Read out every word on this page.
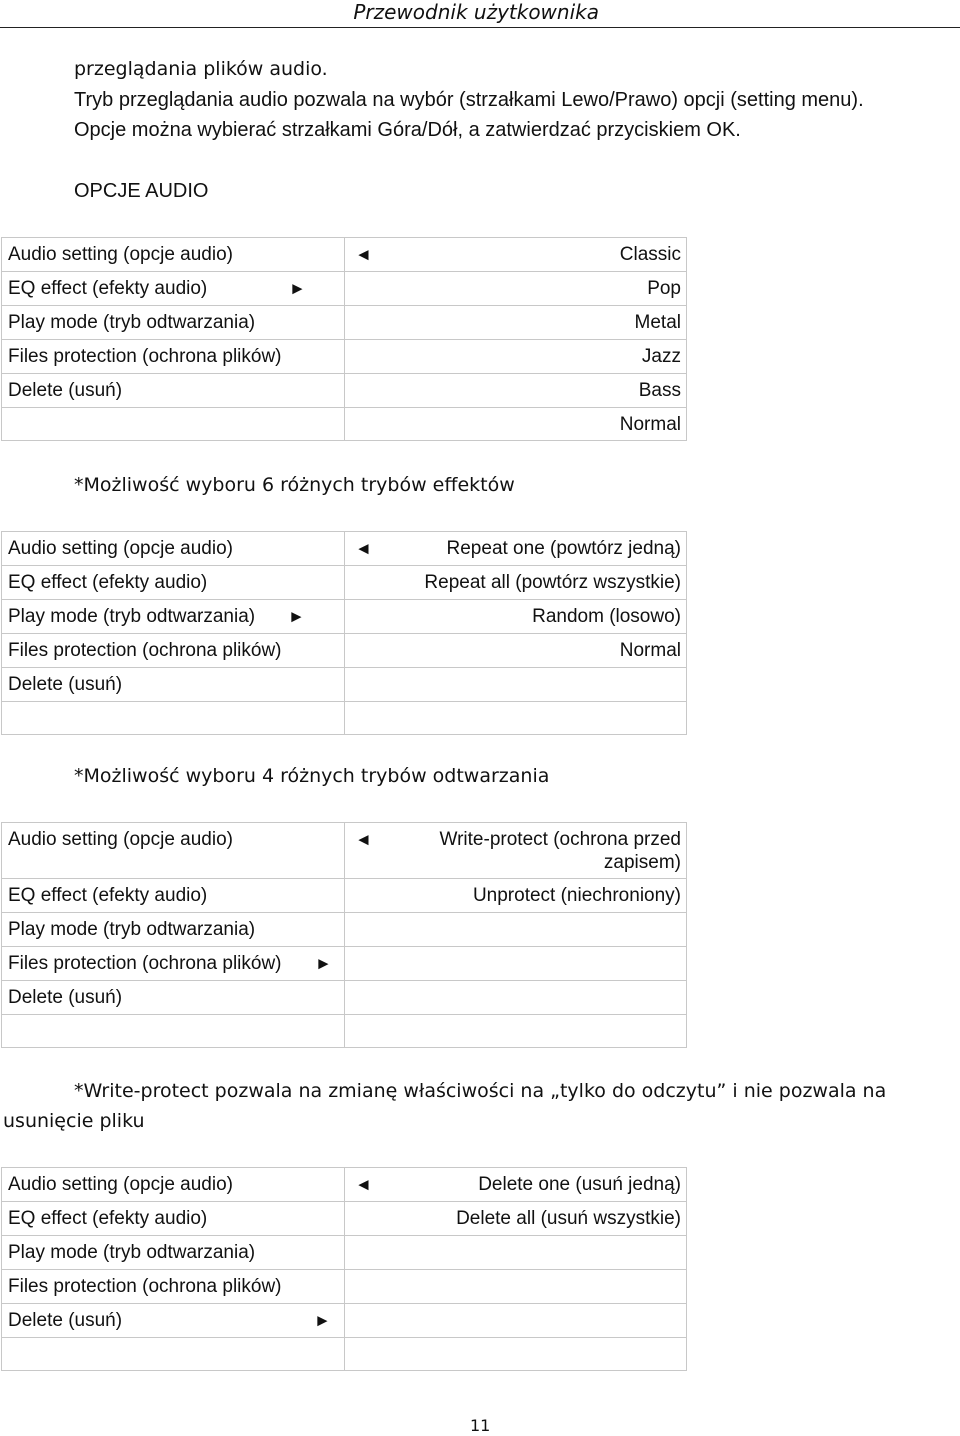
Przewodnik użytkownika
przeglądania plików audio.
Tryb przeglądania audio pozwala na wybór (strzałkami Lewo/Prawo) opcji (setting menu).
Opcje można wybierać strzałkami Góra/Dół, a zatwierdzać przyciskiem OK.
OPCJE AUDIO
Audio setting (opcje audio)	◄ Classic

EQ effect (efekty audio) ►	Pop

Play mode (tryb odtwarzania)	Metal

Files protection (ochrona plików)	Jazz

Delete (usuń)	Bass

	Normal
*Możliwość wyboru 6 różnych trybów effektów
Audio setting (opcje audio)	◄ Repeat one (powtórz jedną)

EQ effect (efekty audio)	Repeat all (powtórz wszystkie)

Play mode (tryb odtwarzania) ►	Random (losowo)

Files protection (ochrona plików)	Normal

Delete (usuń)	

*Możliwość wyboru 4 różnych trybów odtwarzania
Audio setting (opcje audio)	◄ Write-protect (ochrona przed zapisem)

EQ effect (efekty audio)	Unprotect (niechroniony)

Play mode (tryb odtwarzania)	

Files protection (ochrona plików) ►	

Delete (usuń)	

*Write-protect pozwala na zmianę właściwości na „tylko do odczytu” i nie pozwala na usunięcie pliku
Audio setting (opcje audio)	◄ Delete one (usuń jedną)

EQ effect (efekty audio)	Delete all (usuń wszystkie)

Play mode (tryb odtwarzania)	

Files protection (ochrona plików)	

Delete (usuń) ►	

11
